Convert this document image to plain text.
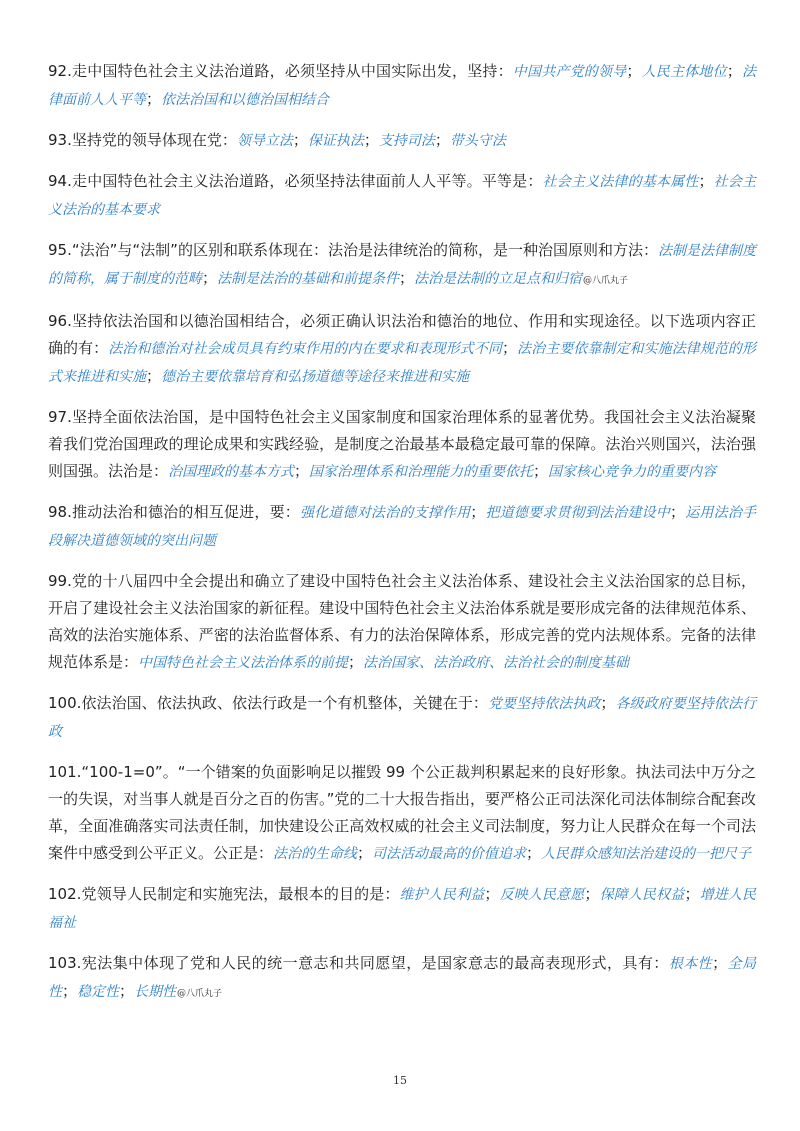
92.走中国特色社会主义法治道路，必须坚持从中国实际出发，坚持：中国共产党的领导；人民主体地位；法律面前人人平等；依法治国和以德治国相结合

93.坚持党的领导体现在党：领导立法；保证执法；支持司法；带头守法

94.走中国特色社会主义法治道路，必须坚持法律面前人人平等。平等是：社会主义法律的基本属性；社会主义法治的基本要求

95.“法治”与“法制”的区别和联系体现在：法治是法律统治的简称，是一种治国原则和方法：法制是法律制度的简称，属于制度的范畴；法制是法治的基础和前提条件；法治是法制的立足点和归宿@八爪丸子

96.坚持依法治国和以德治国相结合，必须正确认识法治和德治的地位、作用和实现途径。以下选项内容正确的有：法治和德治对社会成员具有约束作用的内在要求和表现形式不同；法治主要依靠制定和实施法律规范的形式来推进和实施；德治主要依靠培育和弘扬道德等途径来推进和实施

97.坚持全面依法治国，是中国特色社会主义国家制度和国家治理体系的显著优势。我国社会主义法治凝聚着我们党治国理政的理论成果和实践经验，是制度之治最基本最稳定最可靠的保障。法治兴则国兴，法治强则国强。法治是：治国理政的基本方式；国家治理体系和治理能力的重要依托；国家核心竞争力的重要内容

98.推动法治和德治的相互促进，要：强化道德对法治的支撑作用；把道德要求贯彻到法治建设中；运用法治手段解决道德领域的突出问题

99.党的十八届四中全会提出和确立了建设中国特色社会主义法治体系、建设社会主义法治国家的总目标，开启了建设社会主义法治国家的新征程。建设中国特色社会主义法治体系就是要形成完备的法律规范体系、高效的法治实施体系、严密的法治监督体系、有力的法治保障体系，形成完善的党内法规体系。完备的法律规范体系是：中国特色社会主义法治体系的前提；法治国家、法治政府、法治社会的制度基础

100.依法治国、依法执政、依法行政是一个有机整体，关键在于：党要坚持依法执政；各级政府要坚持依法行政

101.“100-1=0”。“一个错案的负面影响足以摧毁 99 个公正裁判积累起来的良好形象。执法司法中万分之一的失误，对当事人就是百分之百的伤害。”党的二十大报告指出，要严格公正司法深化司法体制综合配套改革，全面准确落实司法责任制，加快建设公正高效权威的社会主义司法制度，努力让人民群众在每一个司法案件中感受到公平正义。公正是：法治的生命线；司法活动最高的价值追求；人民群众感知法治建设的一把尺子

102.党领导人民制定和实施宪法，最根本的目的是：维护人民利益；反映人民意愿；保障人民权益；增进人民福祉

103.宪法集中体现了党和人民的统一意志和共同愿望，是国家意志的最高表现形式，具有：根本性；全局性；稳定性；长期性@八爪丸子

15
